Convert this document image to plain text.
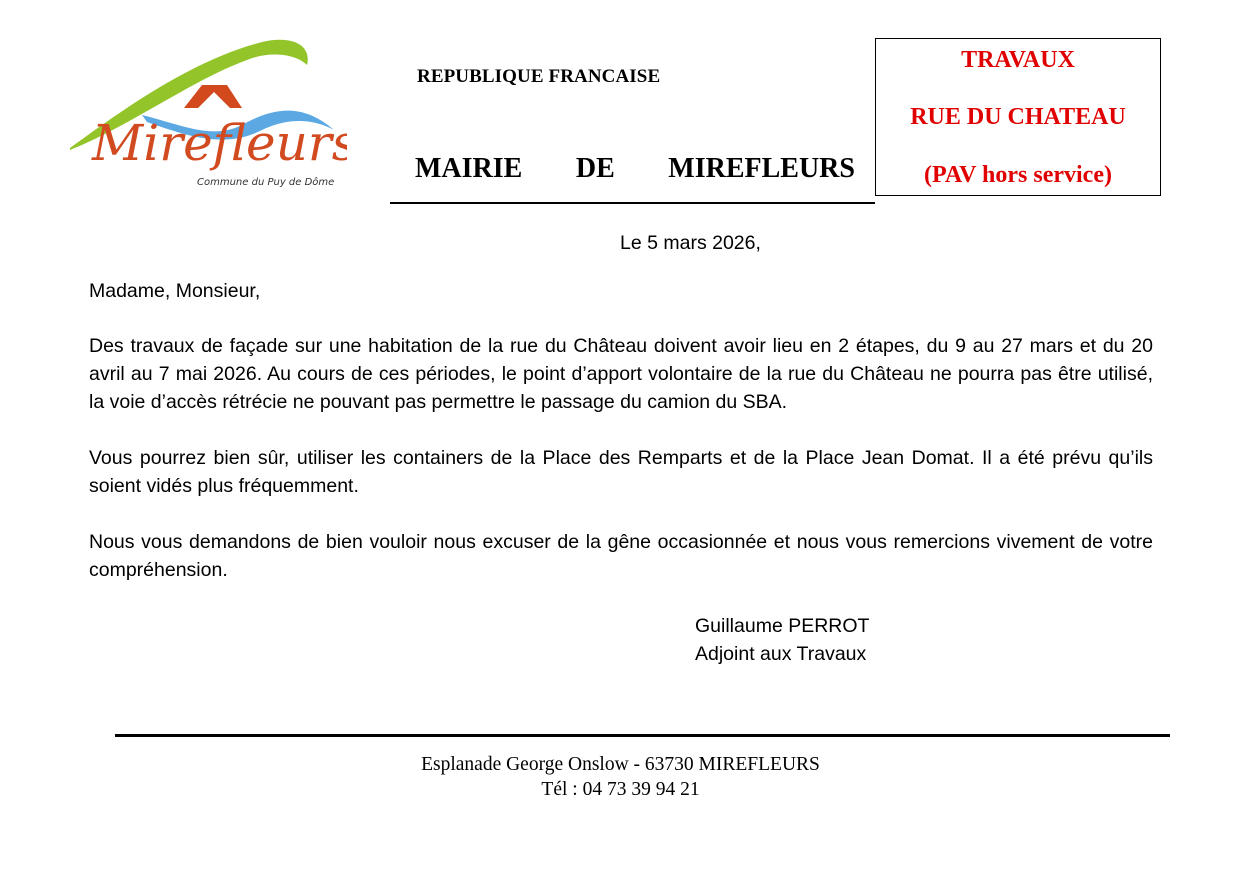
Mirefleurs
Commune du Puy de Dôme
REPUBLIQUE FRANCAISE
MAIRIE DE MIREFLEURS
TRAVAUX
RUE DU CHATEAU
(PAV hors service)
Le 5 mars 2026,
Madame, Monsieur,
Des travaux de façade sur une habitation de la rue du Château doivent avoir lieu en 2 étapes, du 9 au 27 mars et du 20 avril au 7 mai 2026. Au cours de ces périodes, le point d’apport volontaire de la rue du Château ne pourra pas être utilisé, la voie d’accès rétrécie ne pouvant pas permettre le passage du camion du SBA.
Vous pourrez bien sûr, utiliser les containers de la Place des Remparts et de la Place Jean Domat. Il a été prévu qu’ils soient vidés plus fréquemment.
Nous vous demandons de bien vouloir nous excuser de la gêne occasionnée et nous vous remercions vivement de votre compréhension.
Guillaume PERROT
Adjoint aux Travaux
Esplanade George Onslow - 63730 MIREFLEURS
Tél : 04 73 39 94 21
